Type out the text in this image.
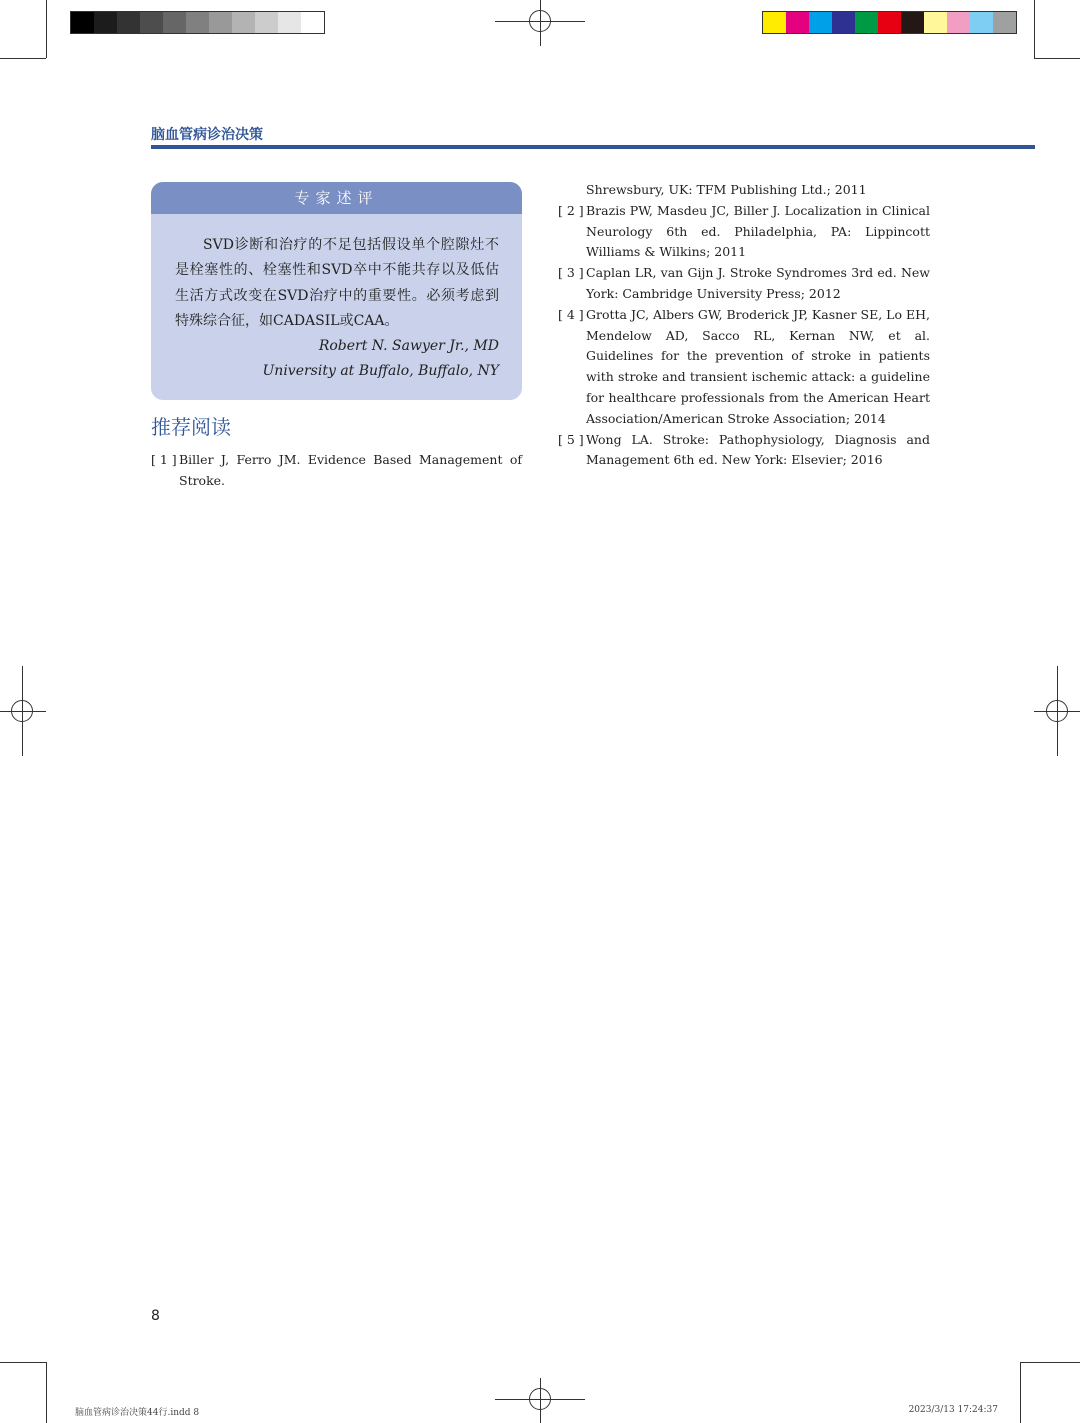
脑血管病诊治决策
专家述评
SVD诊断和治疗的不足包括假设单个腔隙灶不是栓塞性的、栓塞性和SVD卒中不能共存以及低估生活方式改变在SVD治疗中的重要性。必须考虑到特殊综合征，如CADASIL或CAA。
Robert N. Sawyer Jr., MD
University at Buffalo, Buffalo, NY
推荐阅读
[ 1 ] Biller J, Ferro JM. Evidence Based Management of Stroke.
Shrewsbury, UK: TFM Publishing Ltd.; 2011
[ 2 ] Brazis PW, Masdeu JC, Biller J. Localization in Clinical Neurology 6th ed. Philadelphia, PA: Lippincott Williams & Wilkins; 2011
[ 3 ] Caplan LR, van Gijn J. Stroke Syndromes 3rd ed. New York: Cambridge University Press; 2012
[ 4 ] Grotta JC, Albers GW, Broderick JP, Kasner SE, Lo EH, Mendelow AD, Sacco RL, Kernan NW, et al. Guidelines for the prevention of stroke in patients with stroke and transient ischemic attack: a guideline for healthcare professionals from the American Heart Association/American Stroke Association; 2014
[ 5 ] Wong LA. Stroke: Pathophysiology, Diagnosis and Management 6th ed. New York: Elsevier; 2016
8
脑血管病诊治决策44行.indd 8	2023/3/13 17:24:37
